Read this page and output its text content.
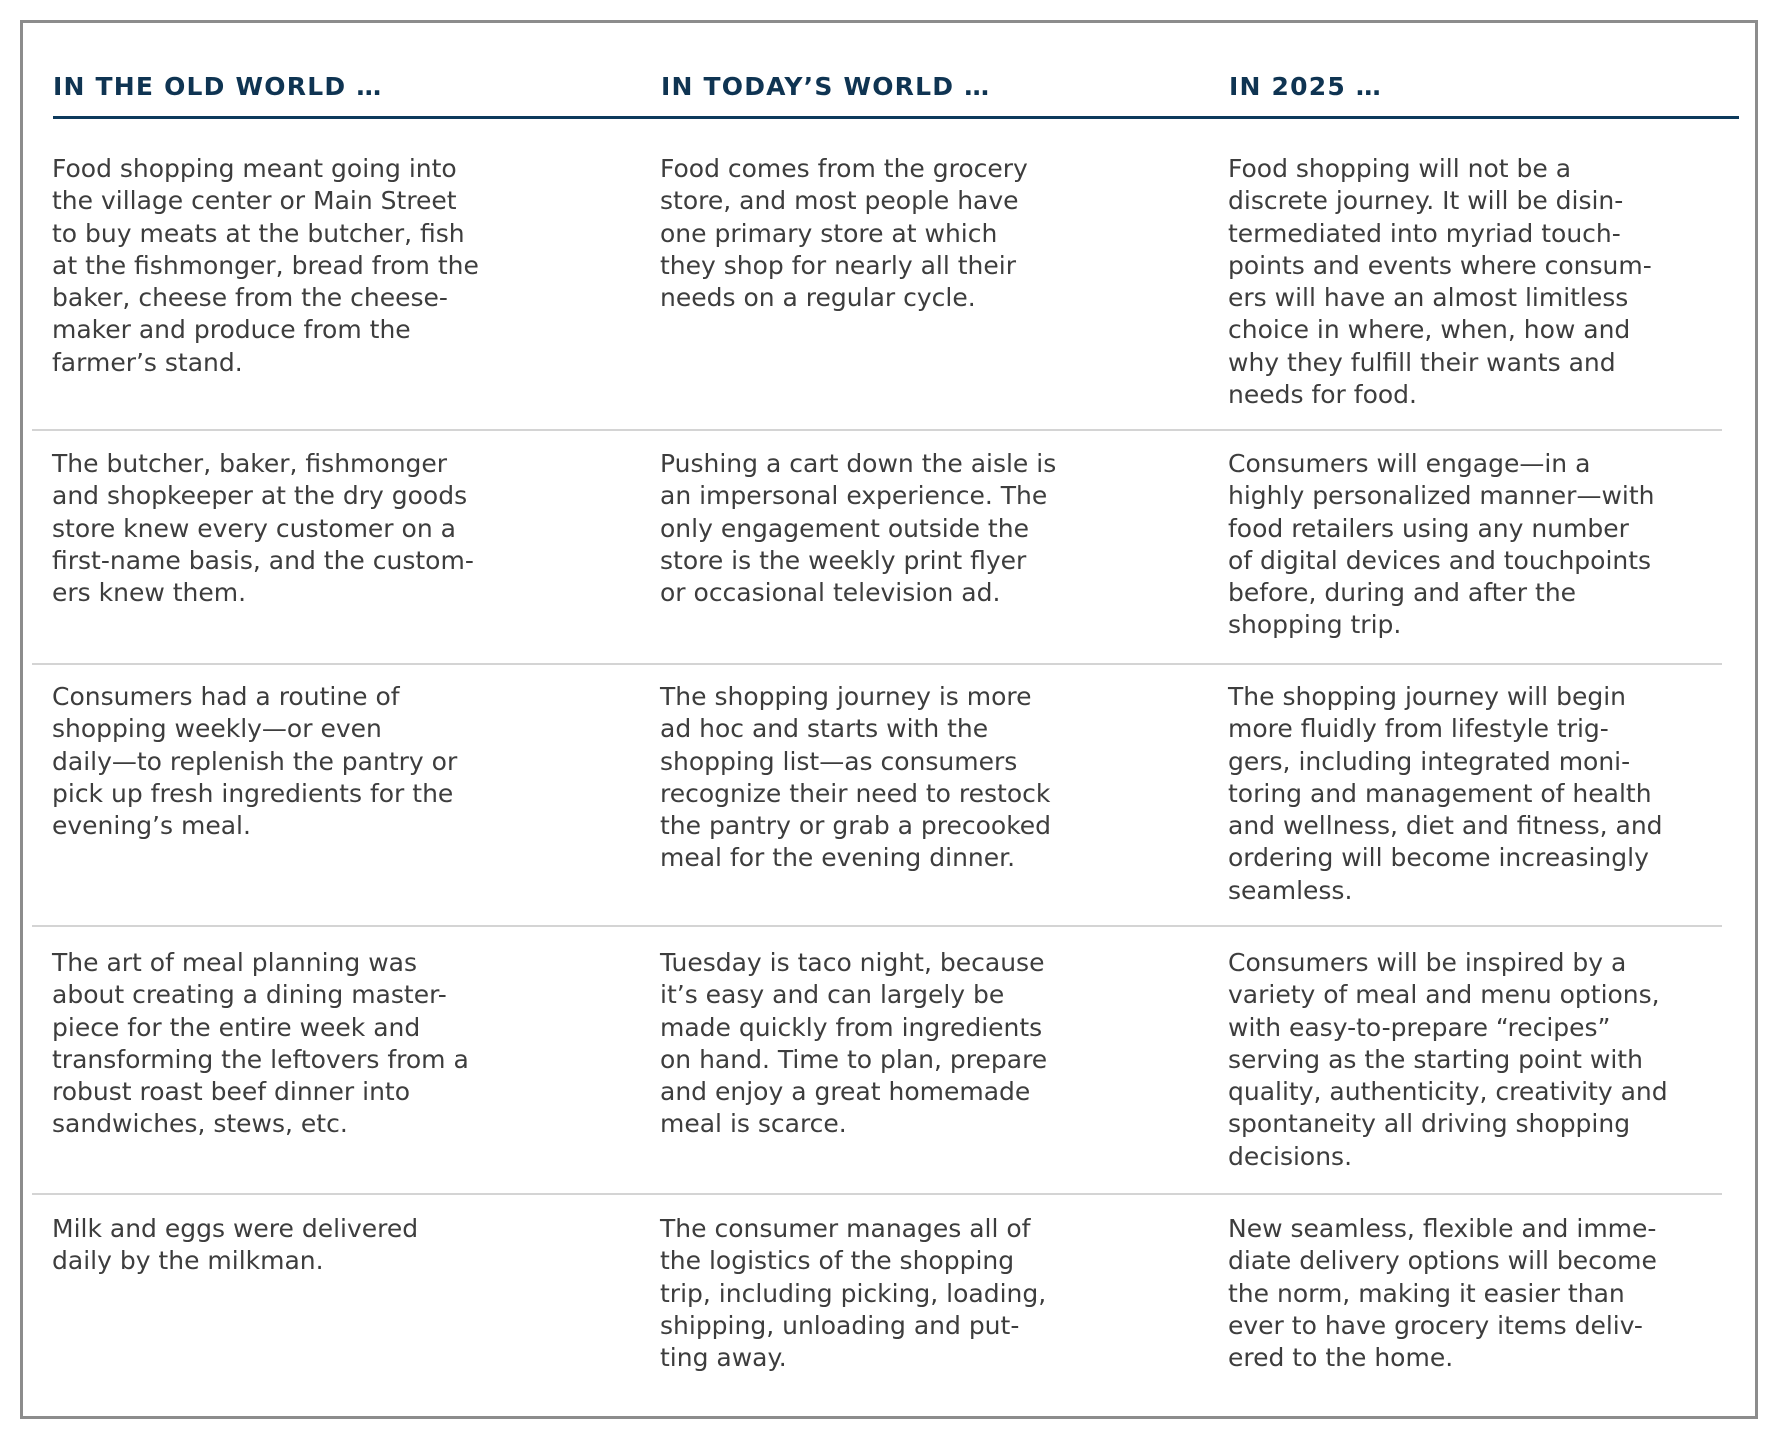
IN THE OLD WORLD …	IN TODAY’S WORLD …	IN 2025 …
Food shopping meant going into
the village center or Main Street
to buy meats at the butcher, fish
at the fishmonger, bread from the
baker, cheese from the cheese-
maker and produce from the
farmer’s stand.
Food comes from the grocery
store, and most people have
one primary store at which
they shop for nearly all their
needs on a regular cycle.
Food shopping will not be a
discrete journey. It will be disin-
termediated into myriad touch-
points and events where consum-
ers will have an almost limitless
choice in where, when, how and
why they fulfill their wants and
needs for food.
The butcher, baker, fishmonger
and shopkeeper at the dry goods
store knew every customer on a
first-name basis, and the custom-
ers knew them.
Pushing a cart down the aisle is
an impersonal experience. The
only engagement outside the
store is the weekly print flyer
or occasional television ad.
Consumers will engage—in a
highly personalized manner—with
food retailers using any number
of digital devices and touchpoints
before, during and after the
shopping trip.
Consumers had a routine of
shopping weekly—or even
daily—to replenish the pantry or
pick up fresh ingredients for the
evening’s meal.
The shopping journey is more
ad hoc and starts with the
shopping list—as consumers
recognize their need to restock
the pantry or grab a precooked
meal for the evening dinner.
The shopping journey will begin
more fluidly from lifestyle trig-
gers, including integrated moni-
toring and management of health
and wellness, diet and fitness, and
ordering will become increasingly
seamless.
The art of meal planning was
about creating a dining master-
piece for the entire week and
transforming the leftovers from a
robust roast beef dinner into
sandwiches, stews, etc.
Tuesday is taco night, because
it’s easy and can largely be
made quickly from ingredients
on hand. Time to plan, prepare
and enjoy a great homemade
meal is scarce.
Consumers will be inspired by a
variety of meal and menu options,
with easy-to-prepare “recipes”
serving as the starting point with
quality, authenticity, creativity and
spontaneity all driving shopping
decisions.
Milk and eggs were delivered
daily by the milkman.
The consumer manages all of
the logistics of the shopping
trip, including picking, loading,
shipping, unloading and put-
ting away.
New seamless, flexible and imme-
diate delivery options will become
the norm, making it easier than
ever to have grocery items deliv-
ered to the home.
